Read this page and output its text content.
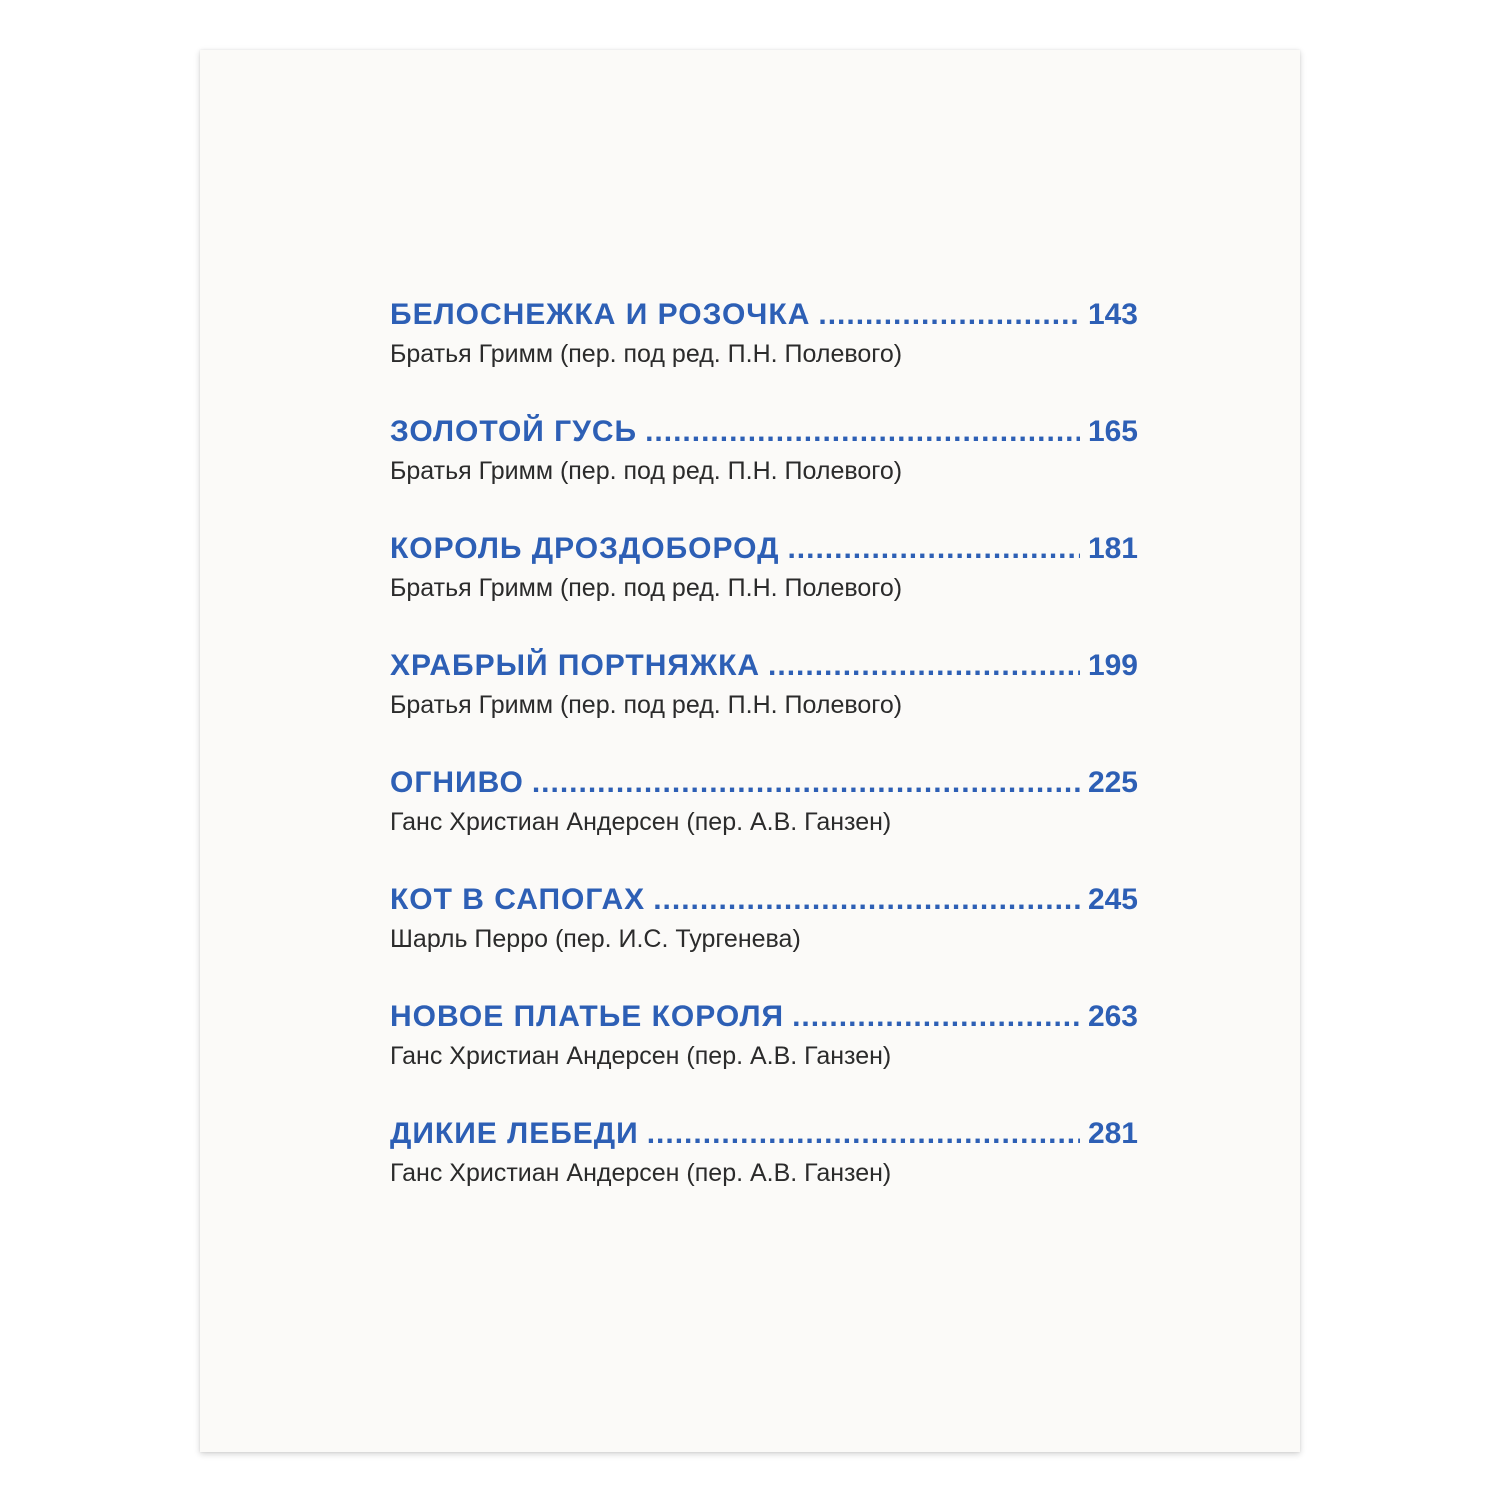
БЕЛОСНЕЖКА И РОЗОЧКА .....	143
Братья Гримм (пер. под ред. П.Н. Полевого)
ЗОЛОТОЙ ГУСЬ .....	165
Братья Гримм (пер. под ред. П.Н. Полевого)
КОРОЛЬ ДРОЗДОБОРОД .....	181
Братья Гримм (пер. под ред. П.Н. Полевого)
ХРАБРЫЙ ПОРТНЯЖКА .....	199
Братья Гримм (пер. под ред. П.Н. Полевого)
ОГНИВО .....	225
Ганс Христиан Андерсен (пер. А.В. Ганзен)
КОТ В САПОГАХ .....	245
Шарль Перро (пер. И.С. Тургенева)
НОВОЕ ПЛАТЬЕ КОРОЛЯ .....	263
Ганс Христиан Андерсен (пер. А.В. Ганзен)
ДИКИЕ ЛЕБЕДИ .....	281
Ганс Христиан Андерсен (пер. А.В. Ганзен)
